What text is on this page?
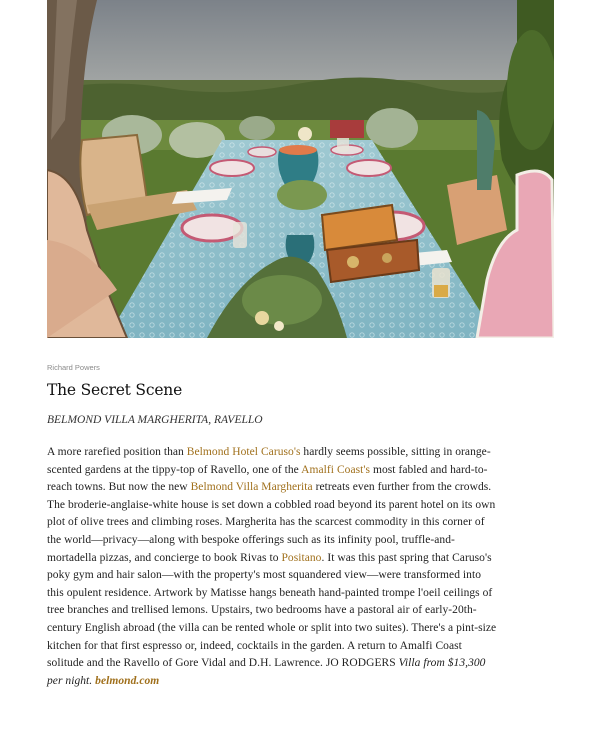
Richard Powers
The Secret Scene
BELMOND VILLA MARGHERITA, RAVELLO

A more rarefied position than Belmond Hotel Caruso's hardly seems possible, sitting in orange-scented gardens at the tippy-top of Ravello, one of the Amalfi Coast's most fabled and hard-to-reach towns. But now the new Belmond Villa Margherita retreats even further from the crowds. The broderie-anglaise-white house is set down a cobbled road beyond its parent hotel on its own plot of olive trees and climbing roses. Margherita has the scarcest commodity in this corner of the world—privacy—along with bespoke offerings such as its infinity pool, truffle-and-mortadella pizzas, and concierge to book Rivas to Positano. It was this past spring that Caruso's poky gym and hair salon—with the property's most squandered view—were transformed into this opulent residence. Artwork by Matisse hangs beneath hand-painted trompe l'oeil ceilings of tree branches and trellised lemons. Upstairs, two bedrooms have a pastoral air of early-20th-century English abroad (the villa can be rented whole or split into two suites). There's a pint-size kitchen for that first espresso or, indeed, cocktails in the garden. A return to Amalfi Coast solitude and the Ravello of Gore Vidal and D.H. Lawrence. JO RODGERS Villa from $13,300 per night. belmond.com
